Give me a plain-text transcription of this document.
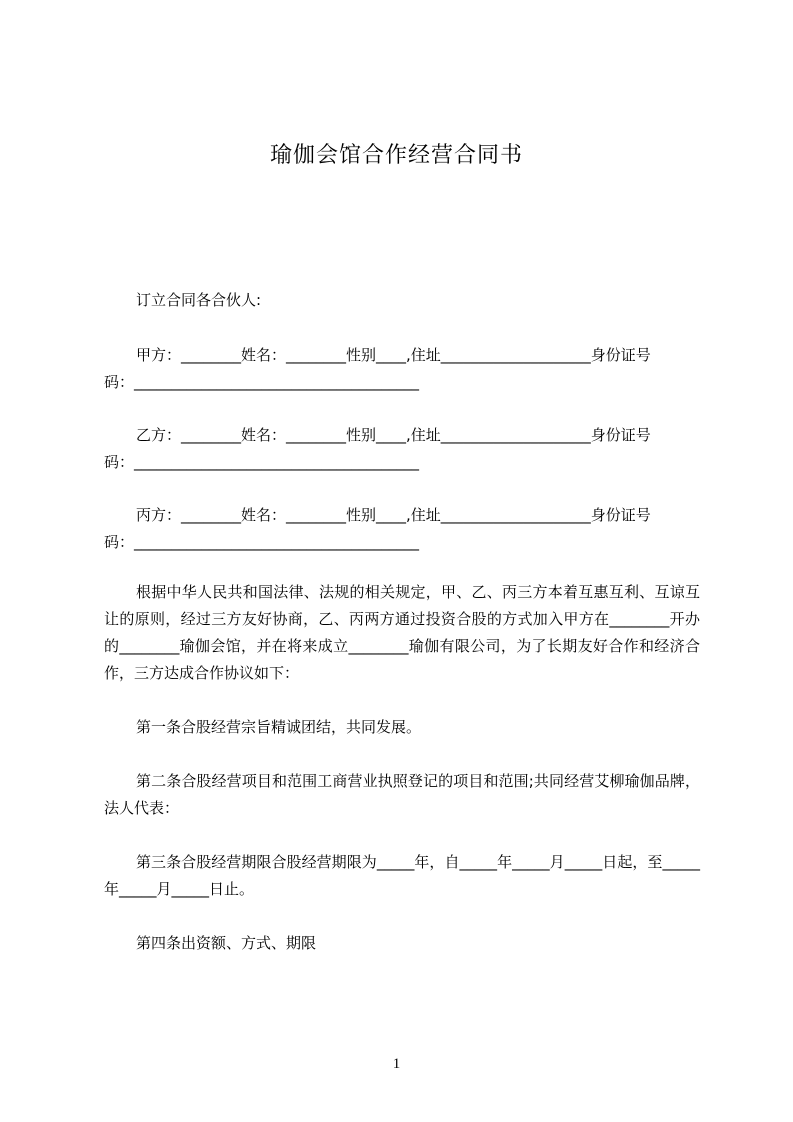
瑜伽会馆合作经营合同书

订立合同各合伙人:

甲方：________姓名：________性别____,住址____________________身份证号
码：______________________________________
乙方：________姓名：________性别____,住址____________________身份证号
码：______________________________________
丙方：________姓名：________性别____,住址____________________身份证号
码：______________________________________

根据中华人民共和国法律、法规的相关规定，甲、乙、丙三方本着互惠互利、互谅互让的原则，经过三方友好协商，乙、丙两方通过投资合股的方式加入甲方在________开办的________瑜伽会馆，并在将来成立________瑜伽有限公司，为了长期友好合作和经济合作，三方达成合作协议如下：

第一条合股经营宗旨精诚团结，共同发展。

第二条合股经营项目和范围工商营业执照登记的项目和范围;共同经营艾柳瑜伽品牌，法人代表：

第三条合股经营期限合股经营期限为_____年，自_____年_____月_____日起，至_____年_____月_____日止。

第四条出资额、方式、期限

1
